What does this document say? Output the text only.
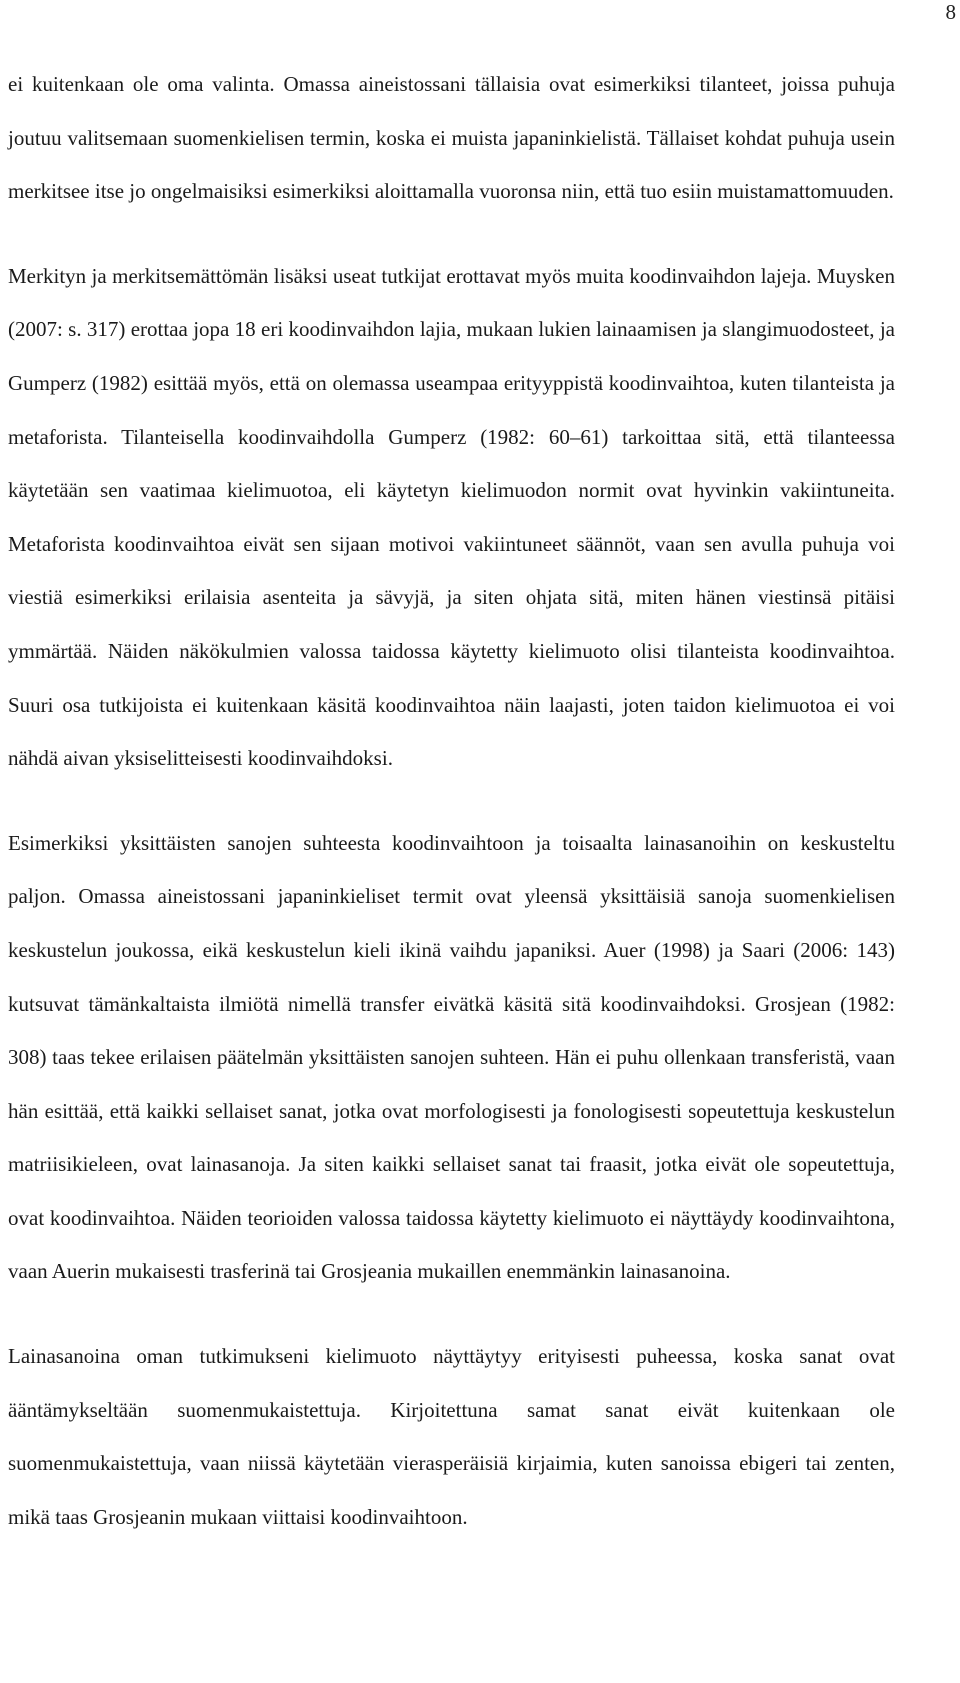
8

ei kuitenkaan ole oma valinta. Omassa aineistossani tällaisia ovat esimerkiksi tilanteet, joissa puhuja joutuu valitsemaan suomenkielisen termin, koska ei muista japaninkielistä. Tällaiset kohdat puhuja usein merkitsee itse jo ongelmaisiksi esimerkiksi aloittamalla vuoronsa niin, että tuo esiin muistamattomuuden.

Merkityn ja merkitsemättömän lisäksi useat tutkijat erottavat myös muita koodinvaihdon lajeja. Muysken (2007: s. 317) erottaa jopa 18 eri koodinvaihdon lajia, mukaan lukien lainaamisen ja slangimuodosteet, ja Gumperz (1982) esittää myös, että on olemassa useampaa erityyppistä koodinvaihtoa, kuten tilanteista ja metaforista. Tilanteisella koodinvaihdolla Gumperz (1982: 60–61) tarkoittaa sitä, että tilanteessa käytetään sen vaatimaa kielimuotoa, eli käytetyn kielimuodon normit ovat hyvinkin vakiintuneita. Metaforista koodinvaihtoa eivät sen sijaan motivoi vakiintuneet säännöt, vaan sen avulla puhuja voi viestiä esimerkiksi erilaisia asenteita ja sävyjä, ja siten ohjata sitä, miten hänen viestinsä pitäisi ymmärtää. Näiden näkökulmien valossa taidossa käytetty kielimuoto olisi tilanteista koodinvaihtoa. Suuri osa tutkijoista ei kuitenkaan käsitä koodinvaihtoa näin laajasti, joten taidon kielimuotoa ei voi nähdä aivan yksiselitteisesti koodinvaihdoksi.

Esimerkiksi yksittäisten sanojen suhteesta koodinvaihtoon ja toisaalta lainasanoihin on keskusteltu paljon. Omassa aineistossani japaninkieliset termit ovat yleensä yksittäisiä sanoja suomenkielisen keskustelun joukossa, eikä keskustelun kieli ikinä vaihdu japaniksi. Auer (1998) ja Saari (2006: 143) kutsuvat tämänkaltaista ilmiötä nimellä transfer eivätkä käsitä sitä koodinvaihdoksi. Grosjean (1982: 308) taas tekee erilaisen päätelmän yksittäisten sanojen suhteen. Hän ei puhu ollenkaan transferistä, vaan hän esittää, että kaikki sellaiset sanat, jotka ovat morfologisesti ja fonologisesti sopeutettuja keskustelun matriisikieleen, ovat lainasanoja. Ja siten kaikki sellaiset sanat tai fraasit, jotka eivät ole sopeutettuja, ovat koodinvaihtoa. Näiden teorioiden valossa taidossa käytetty kielimuoto ei näyttäydy koodinvaihtona, vaan Auerin mukaisesti trasferinä tai Grosjeania mukaillen enemmänkin lainasanoina.

Lainasanoina oman tutkimukseni kielimuoto näyttäytyy erityisesti puheessa, koska sanat ovat ääntämykseltään suomenmukaistettuja. Kirjoitettuna samat sanat eivät kuitenkaan ole suomenmukaistettuja, vaan niissä käytetään vierasperäisiä kirjaimia, kuten sanoissa ebigeri tai zenten, mikä taas Grosjeanin mukaan viittaisi koodinvaihtoon.
